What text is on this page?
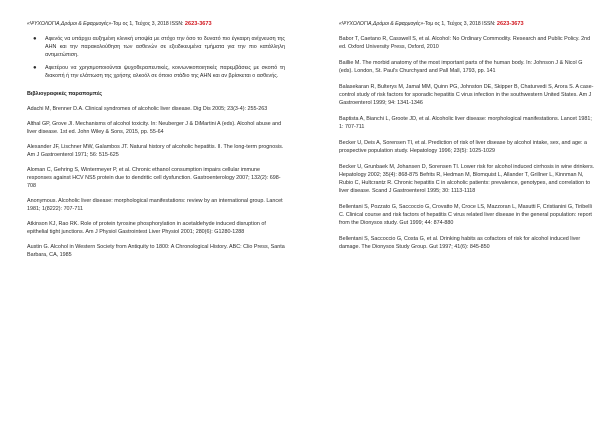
«ΨΥΧΟΛΟΓΙΑ,Δρόμοι & Εφαρμογές»-Τομ ος 1, Τεύχος 3, 2018 ISSN: 2623-3673
● Αφενός να υπάρχει αυξημένη κλινική υποψία με στόχο την όσο το δυνατό πιο έγκαιρη ανίχνευση της ΑΗΝ και την παρακολούθηση των ασθενών σε εξειδικευμένα τμήματα για την πιο κατάλληλη αντιμετώπιση.
● Αφετέρου να χρησιμοποιούνται ψυχοθεραπευτικές, κοινωνικοποιητικές παρεμβάσεις με σκοπό τη διακοπή ή την ελάττωση της χρήσης αλκοόλ σε όποιο στάδιο της ΑΗΝ και αν βρίσκεται ο ασθενής.
Βιβλιογραφικές παραπομπές

Adachi M, Brenner D.A. Clinical syndromes of alcoholic liver disease. Dig Dis 2005; 23(3-4): 255-263

Althal GP, Grove JI. Mechanisms of alcohol toxicity. In: Neuberger J & DiMartini A (eds). Alcohol abuse and liver disease. 1st ed. John Wiley & Sons, 2015, pp. 55-64

Alexander JF, Lischner MW, Galambos JT. Natural history of alcoholic hepatitis. II. The long-term prognosis. Am J Gastroenterol 1971; 56: 515-625

Aloman C, Gehring S, Wintermeyer P, et al. Chronic ethanol consumption impairs cellular immune responses against HCV NS5 protein due to dendritic cell dysfunction. Gastroenterology 2007; 132(2): 698-708

Anonymous. Alcoholic liver disease: morphological manifestations: review by an international group. Lancet 1981; 1(8222): 707-711

Atkinson KJ, Rao RK. Role of protein tyrosine phosphorylation in acetaldehyde induced disruption of epithelial tight junctions. Am J Physiol Gastrointest Liver Physiol 2001; 280(6): G1280-1288

Austin G. Alcohol in Western Society from Antiquity to 1800: A Chronological History. ABC: Clio Press, Santa Barbara, CA, 1985

«ΨΥΧΟΛΟΓΙΑ,Δρόμοι & Εφαρμογές»-Τομ ος 1, Τεύχος 3, 2018 ISSN: 2623-3673

Babor T, Caetano R, Casswell S, et al. Alcohol: No Ordinary Commodity. Research and Public Policy. 2nd ed. Oxford University Press, Oxford, 2010

Baillie M. The morbid anatomy of the most important parts of the human body. In: Johnson J & Nicol G (eds). London, St. Paul's Churchyard and Pall Mall, 1793, pp. 141

Balasekaran R, Bulterys M, Jamal MM, Quinn PG, Johnston DE, Skipper B, Chaturvedi S, Arora S. A case-control study of risk factors for sporadic hepatitis C virus infection in the southwestern United States. Am J Gastroenterol 1999; 94: 1341-1346

Baptista A, Bianchi L, Groote JD, et al. Alcoholic liver disease: morphological manifestations. Lancet 1981; 1: 707-711

Becker U, Deis A, Sorensen TI, et al. Prediction of risk of liver disease by alcohol intake, sex, and age: a prospective population study. Hepatology 1996; 23(5): 1025-1029

Becker U, Grunbaek M, Johansen D, Sorensen TI. Lower risk for alcohol induced cirrhosis in wine drinkers. Hepatology 2002; 35(4): 868-875 Befrits R, Hedman M, Blomquist L, Allander T, Grillner L, Kinnman N, Rubio C, Hultcrantz R. Chronic hepatitis C in alcoholic patients: prevalence, genotypes, and correlation to liver disease. Scand J Gastroenterol 1995; 30: 1113-1118

Bellentani S, Pozzato G, Saccoccio G, Crovatto M, Croce LS, Mazzoran L, Masutti F, Cristianini G, Tiribelli C. Clinical course and risk factors of hepatitis C virus related liver disease in the general population: report from the Dionysos study. Gut 1999; 44: 874-880

Bellentani S, Saccoccio G, Costa G, et al. Drinking habits as cofactors of risk for alcohol induced liver damage. The Dionysos Study Group. Gut 1997; 41(6): 845-850
